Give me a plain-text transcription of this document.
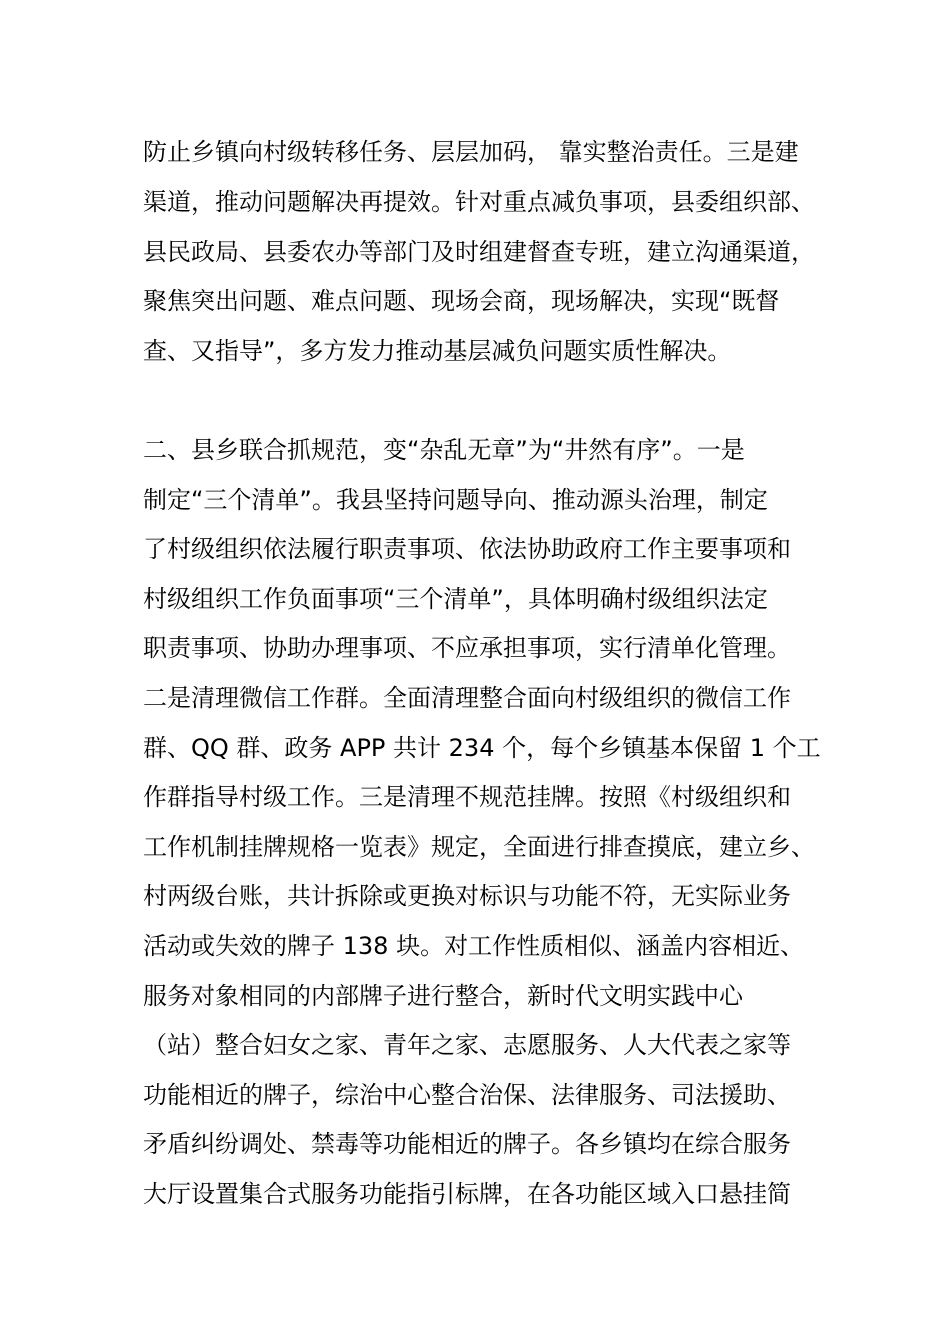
防止乡镇向村级转移任务、层层加码， 靠实整治责任。三是建
渠道，推动问题解决再提效。针对重点减负事项，县委组织部、
县民政局、县委农办等部门及时组建督查专班，建立沟通渠道，
聚焦突出问题、难点问题、现场会商，现场解决，实现“既督
查、又指导”，多方发力推动基层减负问题实质性解决。
二、县乡联合抓规范，变“杂乱无章”为“井然有序”。一是
制定“三个清单”。我县坚持问题导向、推动源头治理，制定
了村级组织依法履行职责事项、依法协助政府工作主要事项和
村级组织工作负面事项“三个清单”，具体明确村级组织法定
职责事项、协助办理事项、不应承担事项，实行清单化管理。
二是清理微信工作群。全面清理整合面向村级组织的微信工作
群、QQ 群、政务 APP 共计 234 个，每个乡镇基本保留 1 个工
作群指导村级工作。三是清理不规范挂牌。按照《村级组织和
工作机制挂牌规格一览表》规定，全面进行排查摸底，建立乡、
村两级台账，共计拆除或更换对标识与功能不符，无实际业务
活动或失效的牌子 138 块。对工作性质相似、涵盖内容相近、
服务对象相同的内部牌子进行整合，新时代文明实践中心
（站）整合妇女之家、青年之家、志愿服务、人大代表之家等
功能相近的牌子，综治中心整合治保、法律服务、司法援助、
矛盾纠纷调处、禁毒等功能相近的牌子。各乡镇均在综合服务
大厅设置集合式服务功能指引标牌，在各功能区域入口悬挂简
